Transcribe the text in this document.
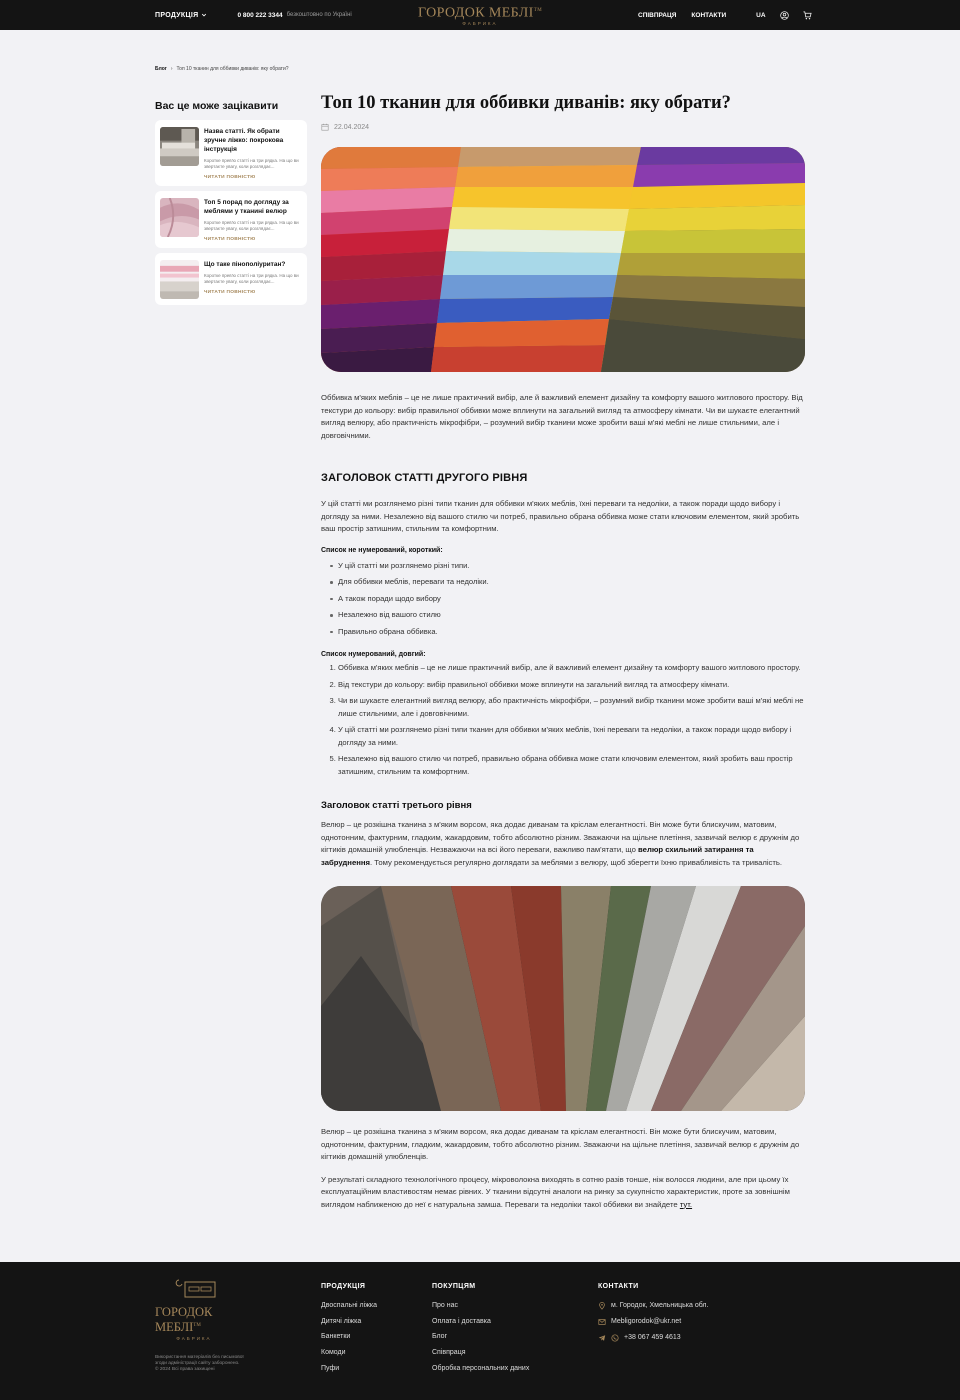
ПРОДУКЦІЯ	0 800 222 3344 безкоштовно по Україні	ГОРОДОК МЕБЛІ™
ФАБРИКА
СПІВПРАЦЯ КОНТАКТИ	UA
Блог › Топ 10 тканин для оббивки диванів: яку обрати?
Вас це може зацікавити
Назва статті. Як обрати зручне ліжко: покрокова інструкція
Коротке прев'ю статті на три рядка. На що ви звертаєте увагу, коли розглядає...
ЧИТАТИ ПОВНІСТЮ
Топ 5 порад по догляду за меблями у тканині велюр
Коротке прев'ю статті на три рядка. На що ви звертаєте увагу, коли розглядає...
ЧИТАТИ ПОВНІСТЮ
Що таке пінополіуритан?
Коротке прев'ю статті на три рядка. На що ви звертаєте увагу, коли розглядає...
ЧИТАТИ ПОВНІСТЮ
Топ 10 тканин для оббивки диванів: яку обрати?
22.04.2024

Оббивка м'яких меблів – це не лише практичний вибір, але й важливий елемент дизайну та комфорту вашого житлового простору. Від текстури до кольору: вибір правильної оббивки може вплинути на загальний вигляд та атмосферу кімнати. Чи ви шукаєте елегантний вигляд велюру, або практичність мікрофібри, – розумний вибір тканини може зробити ваші м'які меблі не лише стильними, але і довговічними.

ЗАГОЛОВОК СТАТТІ ДРУГОГО РІВНЯ

У цій статті ми розглянемо різні типи тканин для оббивки м'яких меблів, їхні переваги та недоліки, а також поради щодо вибору і догляду за ними. Незалежно від вашого стилю чи потреб, правильно обрана оббивка може стати ключовим елементом, який зробить ваш простір затишним, стильним та комфортним.

Список не нумерований, короткий:
У цій статті ми розглянемо різні типи.
Для оббивки меблів, переваги та недоліки.
А також поради щодо вибору
Незалежно від вашого стилю
Правильно обрана оббивка.
Список нумерований, довгий:
1. Оббивка м'яких меблів – це не лише практичний вибір, але й важливий елемент дизайну та комфорту вашого житлового простору.
2. Від текстури до кольору: вибір правильної оббивки може вплинути на загальний вигляд та атмосферу кімнати.
3. Чи ви шукаєте елегантний вигляд велюру, або практичність мікрофібри, – розумний вибір тканини може зробити ваші м'які меблі не лише стильними, але і довговічними.
4. У цій статті ми розглянемо різні типи тканин для оббивки м'яких меблів, їхні переваги та недоліки, а також поради щодо вибору і догляду за ними.
5. Незалежно від вашого стилю чи потреб, правильно обрана оббивка може стати ключовим елементом, який зробить ваш простір затишним, стильним та комфортним.
Заголовок статті третього рівня

Велюр – це розкішна тканина з м'яким ворсом, яка додає диванам та кріслам елегантності. Він може бути блискучим, матовим, однотонним, фактурним, гладким, жакардовим, тобто абсолютно різним. Зважаючи на щільне плетіння, зазвичай велюр є дружнім до кігтиків домашній улюбленців. Незважаючи на всі його переваги, важливо пам'ятати, що велюр схильний затирання та забруднення. Тому рекомендується регулярно доглядати за меблями з велюру, щоб зберегти їхню привабливість та тривалість.

Велюр – це розкішна тканина з м'яким ворсом, яка додає диванам та кріслам елегантності. Він може бути блискучим, матовим, однотонним, фактурним, гладким, жакардовим, тобто абсолютно різним. Зважаючи на щільне плетіння, зазвичай велюр є дружнім до кігтиків домашній улюбленців.

У результаті складного технологічного процесу, мікроволокна виходять в сотню разів тонше, ніж волосся людини, але при цьому їх експлуатаційним властивостям немає рівних. У тканини відсутні аналоги на ринку за сукупністю характеристик, проте за зовнішнім виглядом наближеною до неї є натуральна замша. Переваги та недоліки такої оббивки ви знайдете тут.

ГОРОДОК МЕБЛІ™
ФАБРИКА
Використання матеріалів без письмової
згоди адміністрації сайту заборонено.
© 2024 Всі права захищені
ПРОДУКЦІЯ
Двоспальні ліжка
Дитячі ліжка
Банкетки
Комоди
Пуфи
ПОКУПЦЯМ
Про нас
Оплата і доставка
Блог
Співпраця
Обробка персональних даних
КОНТАКТИ
м. Городок, Хмельницька обл.
Mebligorodok@ukr.net
+38 067 459 4613
